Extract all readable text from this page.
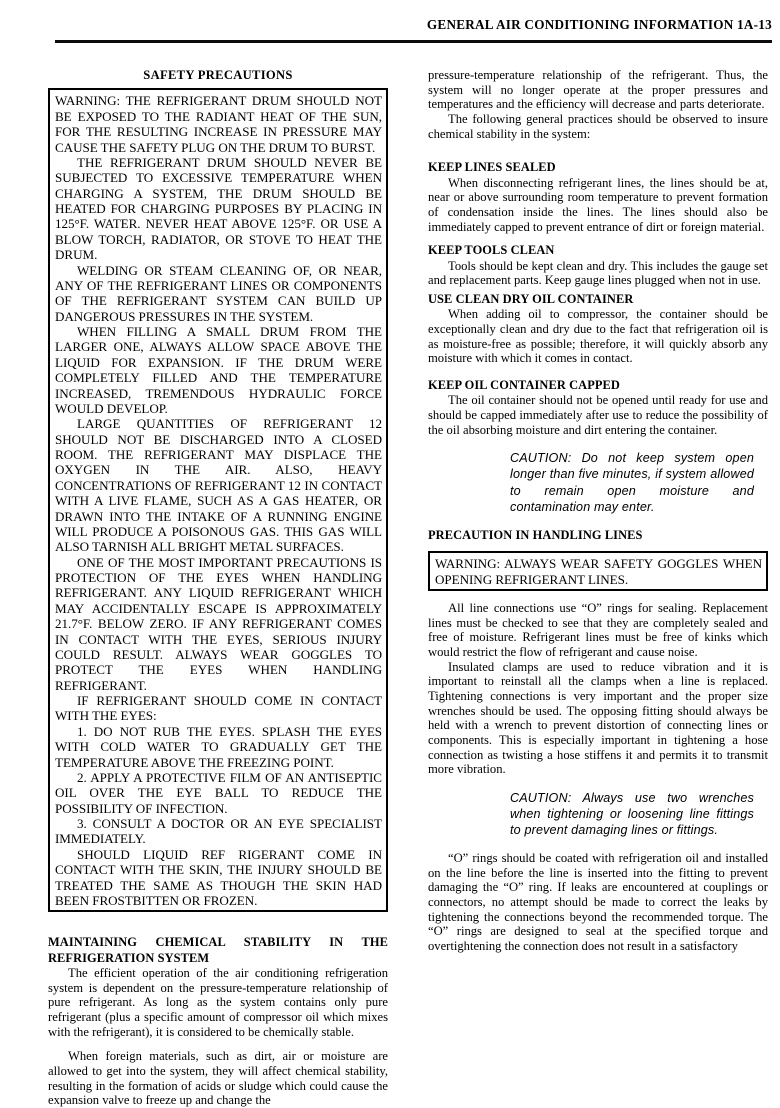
GENERAL AIR CONDITIONING INFORMATION 1A-13
SAFETY PRECAUTIONS

WARNING: THE REFRIGERANT DRUM SHOULD NOT BE EXPOSED TO THE RADIANT HEAT OF THE SUN, FOR THE RESULTING INCREASE IN PRESSURE MAY CAUSE THE SAFETY PLUG ON THE DRUM TO BURST.

THE REFRIGERANT DRUM SHOULD NEVER BE SUBJECTED TO EXCESSIVE TEMPERATURE WHEN CHARGING A SYSTEM, THE DRUM SHOULD BE HEATED FOR CHARGING PURPOSES BY PLACING IN 125°F. WATER. NEVER HEAT ABOVE 125°F. OR USE A BLOW TORCH, RADIATOR, OR STOVE TO HEAT THE DRUM.

WELDING OR STEAM CLEANING OF, OR NEAR, ANY OF THE REFRIGERANT LINES OR COMPONENTS OF THE REFRIGERANT SYSTEM CAN BUILD UP DANGEROUS PRESSURES IN THE SYSTEM.

WHEN FILLING A SMALL DRUM FROM THE LARGER ONE, ALWAYS ALLOW SPACE ABOVE THE LIQUID FOR EXPANSION. IF THE DRUM WERE COMPLETELY FILLED AND THE TEMPERATURE INCREASED, TREMENDOUS HYDRAULIC FORCE WOULD DEVELOP.

LARGE QUANTITIES OF REFRIGERANT 12 SHOULD NOT BE DISCHARGED INTO A CLOSED ROOM. THE REFRIGERANT MAY DISPLACE THE OXYGEN IN THE AIR. ALSO, HEAVY CONCENTRATIONS OF REFRIGERANT 12 IN CONTACT WITH A LIVE FLAME, SUCH AS A GAS HEATER, OR DRAWN INTO THE INTAKE OF A RUNNING ENGINE WILL PRODUCE A POISONOUS GAS. THIS GAS WILL ALSO TARNISH ALL BRIGHT METAL SURFACES.

ONE OF THE MOST IMPORTANT PRECAUTIONS IS PROTECTION OF THE EYES WHEN HANDLING REFRIGERANT. ANY LIQUID REFRIGERANT WHICH MAY ACCIDENTALLY ESCAPE IS APPROXIMATELY 21.7°F. BELOW ZERO. IF ANY REFRIGERANT COMES IN CONTACT WITH THE EYES, SERIOUS INJURY COULD RESULT. ALWAYS WEAR GOGGLES TO PROTECT THE EYES WHEN HANDLING REFRIGERANT.

IF REFRIGERANT SHOULD COME IN CONTACT WITH THE EYES:

1. DO NOT RUB THE EYES. SPLASH THE EYES WITH COLD WATER TO GRADUALLY GET THE TEMPERATURE ABOVE THE FREEZING POINT.

2. APPLY A PROTECTIVE FILM OF AN ANTISEPTIC OIL OVER THE EYE BALL TO REDUCE THE POSSIBILITY OF INFECTION.

3. CONSULT A DOCTOR OR AN EYE SPECIALIST IMMEDIATELY.

SHOULD LIQUID REF RIGERANT COME IN CONTACT WITH THE SKIN, THE INJURY SHOULD BE TREATED THE SAME AS THOUGH THE SKIN HAD BEEN FROSTBITTEN OR FROZEN.

MAINTAINING CHEMICAL STABILITY IN THE
REFRIGERATION SYSTEM

The efficient operation of the air conditioning refrigeration system is dependent on the pressure-temperature relationship of pure refrigerant. As long as the system contains only pure refrigerant (plus a specific amount of compressor oil which mixes with the refrigerant), it is considered to be chemically stable.

When foreign materials, such as dirt, air or moisture are allowed to get into the system, they will affect chemical stability, resulting in the formation of acids or sludge which could cause the expansion valve to freeze up and change the

pressure-temperature relationship of the refrigerant. Thus, the system will no longer operate at the proper pressures and temperatures and the efficiency will decrease and parts deteriorate.

The following general practices should be observed to insure chemical stability in the system:

KEEP LINES SEALED

When disconnecting refrigerant lines, the lines should be at, near or above surrounding room temperature to prevent formation of condensation inside the lines. The lines should also be immediately capped to prevent entrance of dirt or foreign material.

KEEP TOOLS CLEAN

Tools should be kept clean and dry. This includes the gauge set and replacement parts. Keep gauge lines plugged when not in use.

USE CLEAN DRY OIL CONTAINER

When adding oil to compressor, the container should be exceptionally clean and dry due to the fact that refrigeration oil is as moisture-free as possible; therefore, it will quickly absorb any moisture with which it comes in contact.

KEEP OIL CONTAINER CAPPED

The oil container should not be opened until ready for use and should be capped immediately after use to reduce the possibility of the oil absorbing moisture and dirt entering the container.

CAUTION: Do not keep system open longer than five minutes, if system allowed to remain open moisture and contamination may enter.
PRECAUTION IN HANDLING LINES

WARNING: ALWAYS WEAR SAFETY GOGGLES WHEN OPENING REFRIGERANT LINES.

All line connections use “O” rings for sealing. Replacement lines must be checked to see that they are completely sealed and free of moisture. Refrigerant lines must be free of kinks which would restrict the flow of refrigerant and cause noise.

Insulated clamps are used to reduce vibration and it is important to reinstall all the clamps when a line is replaced. Tightening connections is very important and the proper size wrenches should be used. The opposing fitting should always be held with a wrench to prevent distortion of connecting lines or components. This is especially important in tightening a hose connection as twisting a hose stiffens it and permits it to transmit more vibration.

CAUTION: Always use two wrenches when tightening or loosening line fittings to prevent damaging lines or fittings.

“O” rings should be coated with refrigeration oil and installed on the line before the line is inserted into the fitting to prevent damaging the “O” ring. If leaks are encountered at couplings or connectors, no attempt should be made to correct the leaks by tightening the connections beyond the recommended torque. The “O” rings are designed to seal at the specified torque and overtightening the connection does not result in a satisfactory
